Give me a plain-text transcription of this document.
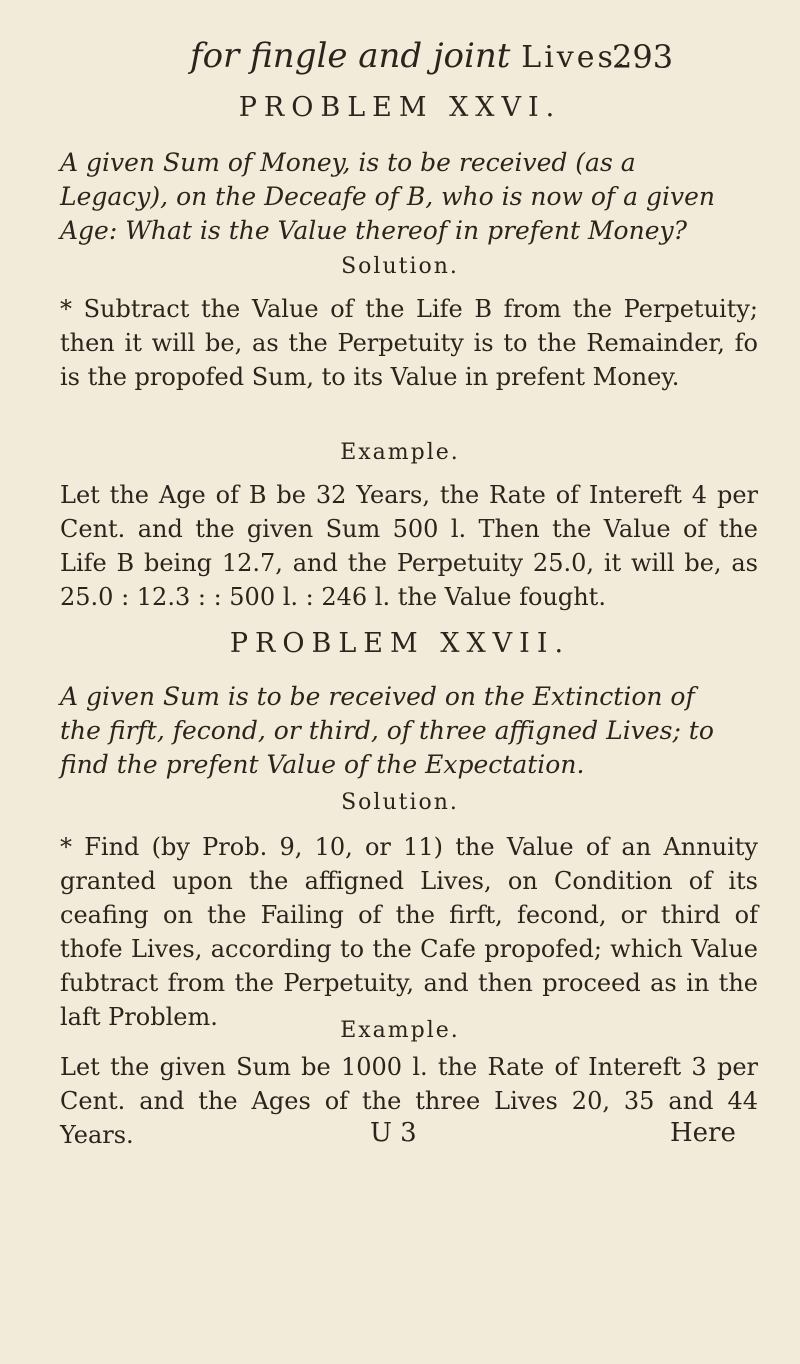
for fingle and joint Lives.
293
PROBLEM XXVI.
A given Sum of Money, is to be received (as a Legacy), on the Deceafe of B, who is now of a given Age: What is the Value thereof in prefent Money?
Solution.
* Subtract the Value of the Life B from the Perpetuity; then it will be, as the Perpetuity is to the Remainder, fo is the propofed Sum, to its Value in prefent Money.
Example.
Let the Age of B be 32 Years, the Rate of Intereft 4 per Cent. and the given Sum 500 l. Then the Value of the Life B being 12.7, and the Perpetuity 25.0, it will be, as 25.0 : 12.3 : : 500 l. : 246 l. the Value fought.
PROBLEM XXVII.
A given Sum is to be received on the Extinction of the firft, fecond, or third, of three affigned Lives; to find the prefent Value of the Expectation.
Solution.
* Find (by Prob. 9, 10, or 11) the Value of an Annuity granted upon the affigned Lives, on Condition of its ceafing on the Failing of the firft, fecond, or third of thofe Lives, according to the Cafe propofed; which Value fubtract from the Perpetuity, and then proceed as in the laft Problem.	Example.
Let the given Sum be 1000 l. the Rate of Intereft 3 per Cent. and the Ages of the three Lives 20, 35 and 44 Years.	U 3	Here
